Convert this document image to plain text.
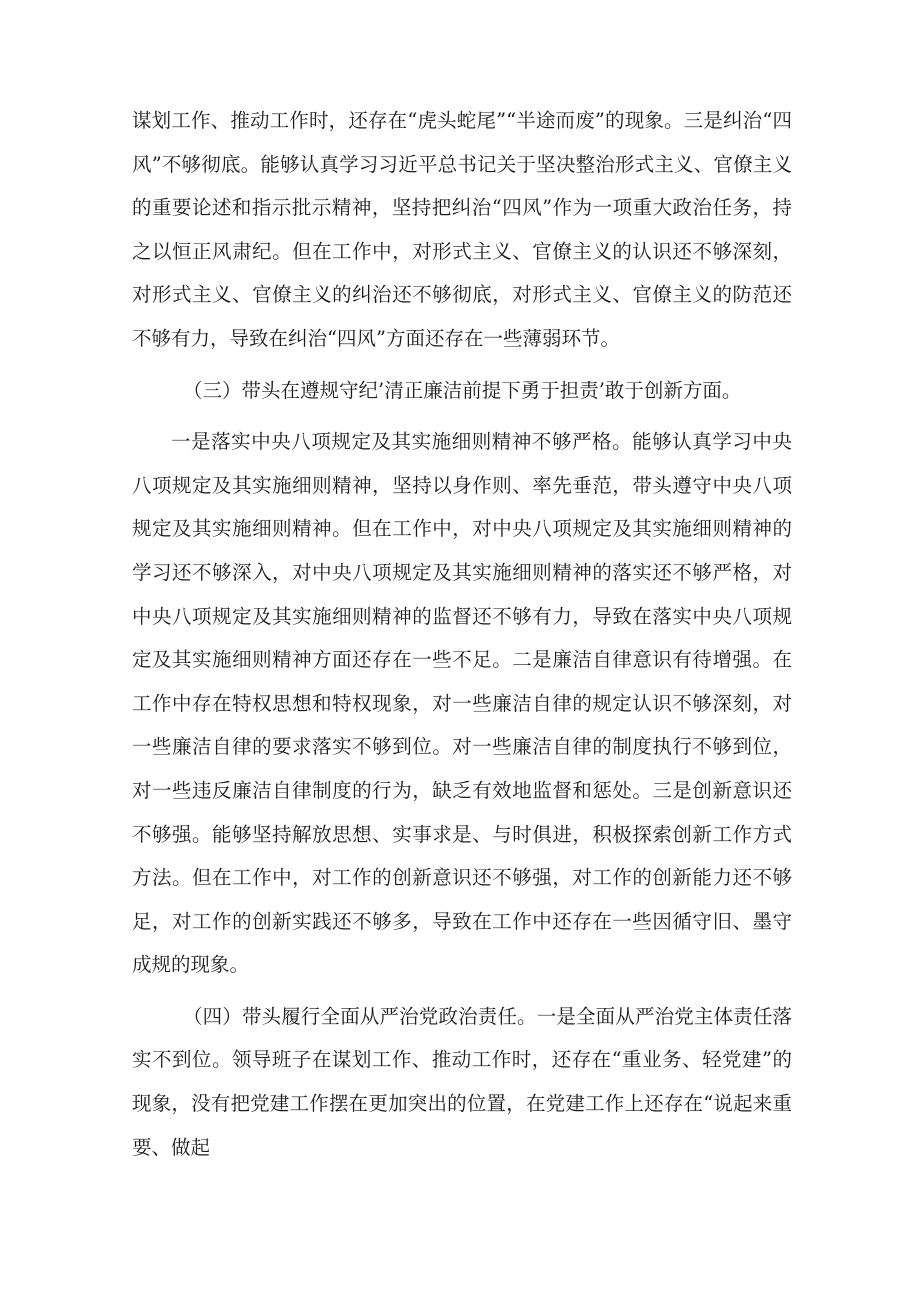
谋划工作、推动工作时，还存在“虎头蛇尾”“半途而废”的现象。三是纠治“四风”不够彻底。能够认真学习习近平总书记关于坚决整治形式主义、官僚主义的重要论述和指示批示精神，坚持把纠治“四风”作为一项重大政治任务，持之以恒正风肃纪。但在工作中，对形式主义、官僚主义的认识还不够深刻，对形式主义、官僚主义的纠治还不够彻底，对形式主义、官僚主义的防范还不够有力，导致在纠治“四风”方面还存在一些薄弱环节。

（三）带头在遵规守纪’清正廉洁前提下勇于担责’敢于创新方面。

一是落实中央八项规定及其实施细则精神不够严格。能够认真学习中央八项规定及其实施细则精神，坚持以身作则、率先垂范，带头遵守中央八项规定及其实施细则精神。但在工作中，对中央八项规定及其实施细则精神的学习还不够深入，对中央八项规定及其实施细则精神的落实还不够严格，对中央八项规定及其实施细则精神的监督还不够有力，导致在落实中央八项规定及其实施细则精神方面还存在一些不足。二是廉洁自律意识有待增强。在工作中存在特权思想和特权现象，对一些廉洁自律的规定认识不够深刻，对一些廉洁自律的要求落实不够到位。对一些廉洁自律的制度执行不够到位，对一些违反廉洁自律制度的行为，缺乏有效地监督和惩处。三是创新意识还不够强。能够坚持解放思想、实事求是、与时俱进，积极探索创新工作方式方法。但在工作中，对工作的创新意识还不够强，对工作的创新能力还不够足，对工作的创新实践还不够多，导致在工作中还存在一些因循守旧、墨守成规的现象。

（四）带头履行全面从严治党政治责任。一是全面从严治党主体责任落实不到位。领导班子在谋划工作、推动工作时，还存在“重业务、轻党建”的现象，没有把党建工作摆在更加突出的位置，在党建工作上还存在“说起来重要、做起
